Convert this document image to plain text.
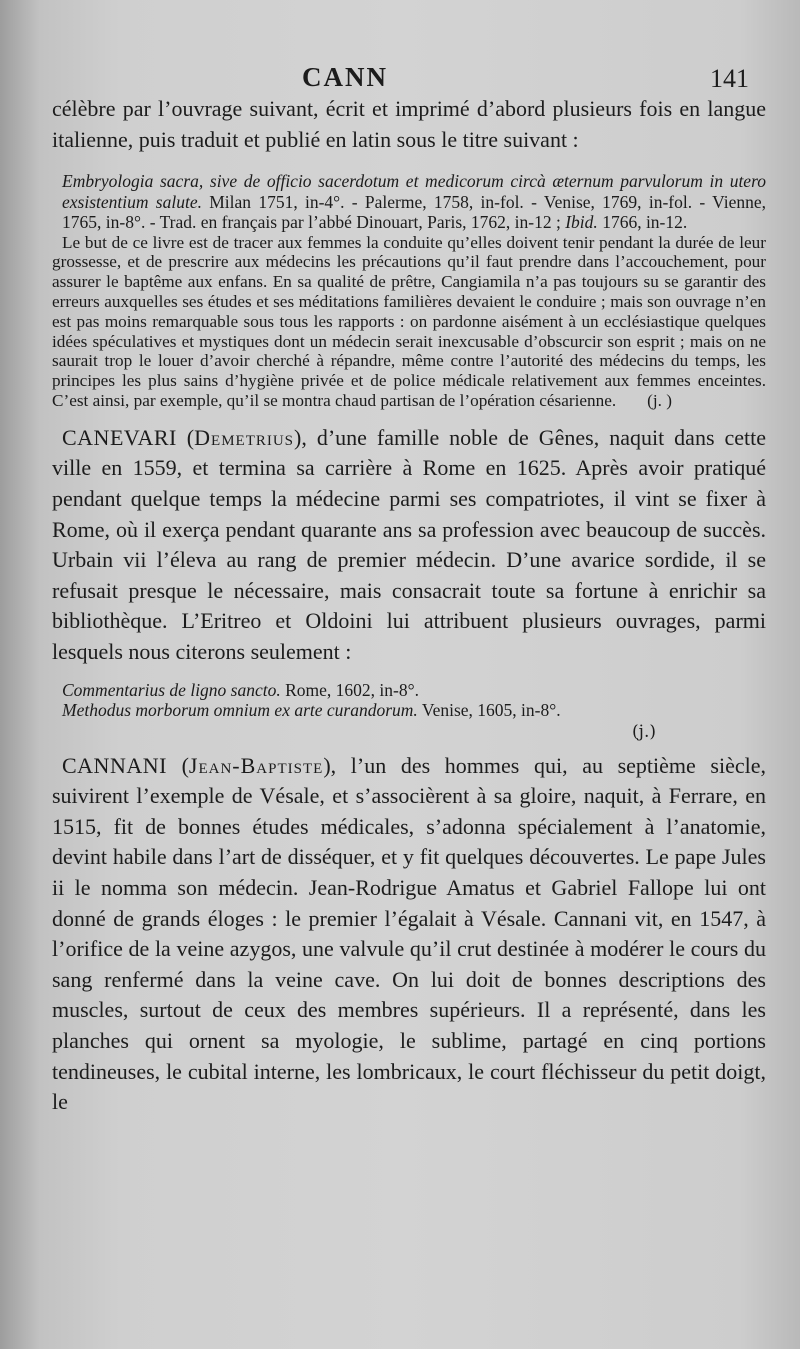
CANN	141

célèbre par l’ouvrage suivant, écrit et imprimé d’abord plusieurs fois en langue italienne, puis traduit et publié en latin sous le titre suivant :

Embryologia sacra, sive de officio sacerdotum et medicorum circà æternum parvulorum in utero exsistentium salute. Milan 1751, in-4°. - Palerme, 1758, in-fol. - Venise, 1769, in-fol. - Vienne, 1765, in-8°. - Trad. en français par l’abbé Dinouart, Paris, 1762, in-12 ; Ibid. 1766, in-12.

Le but de ce livre est de tracer aux femmes la conduite qu’elles doivent tenir pendant la durée de leur grossesse, et de prescrire aux médecins les précautions qu’il faut prendre dans l’accouchement, pour assurer le baptême aux enfans. En sa qualité de prêtre, Cangiamila n’a pas toujours su se garantir des erreurs auxquelles ses études et ses méditations familières devaient le conduire ; mais son ouvrage n’en est pas moins remarquable sous tous les rapports : on pardonne aisément à un ecclésiastique quelques idées spéculatives et mystiques dont un médecin serait inexcusable d’obscurcir son esprit ; mais on ne saurait trop le louer d’avoir cherché à répandre, même contre l’autorité des médecins du temps, les principes les plus sains d’hygiène privée et de police médicale relativement aux femmes enceintes. C’est ainsi, par exemple, qu’il se montra chaud partisan de l’opération césarienne.	(j. )

CANEVARI (Demetrius), d’une famille noble de Gênes, naquit dans cette ville en 1559, et termina sa carrière à Rome en 1625. Après avoir pratiqué pendant quelque temps la médecine parmi ses compatriotes, il vint se fixer à Rome, où il exerça pendant quarante ans sa profession avec beaucoup de succès. Urbain vii l’éleva au rang de premier médecin. D’une avarice sordide, il se refusait presque le nécessaire, mais consacrait toute sa fortune à enrichir sa bibliothèque. L’Eritreo et Oldoini lui attribuent plusieurs ouvrages, parmi lesquels nous citerons seulement :

Commentarius de ligno sancto. Rome, 1602, in-8°.

Methodus morborum omnium ex arte curandorum. Venise, 1605, in-8°.

(j.)

CANNANI (Jean-Baptiste), l’un des hommes qui, au septième siècle, suivirent l’exemple de Vésale, et s’associèrent à sa gloire, naquit, à Ferrare, en 1515, fit de bonnes études médicales, s’adonna spécialement à l’anatomie, devint habile dans l’art de disséquer, et y fit quelques découvertes. Le pape Jules ii le nomma son médecin. Jean-Rodrigue Amatus et Gabriel Fallope lui ont donné de grands éloges : le premier l’égalait à Vésale. Cannani vit, en 1547, à l’orifice de la veine azygos, une valvule qu’il crut destinée à modérer le cours du sang renfermé dans la veine cave. On lui doit de bonnes descriptions des muscles, surtout de ceux des membres supérieurs. Il a représenté, dans les planches qui ornent sa myologie, le sublime, partagé en cinq portions tendineuses, le cubital interne, les lombricaux, le court fléchisseur du petit doigt, le
